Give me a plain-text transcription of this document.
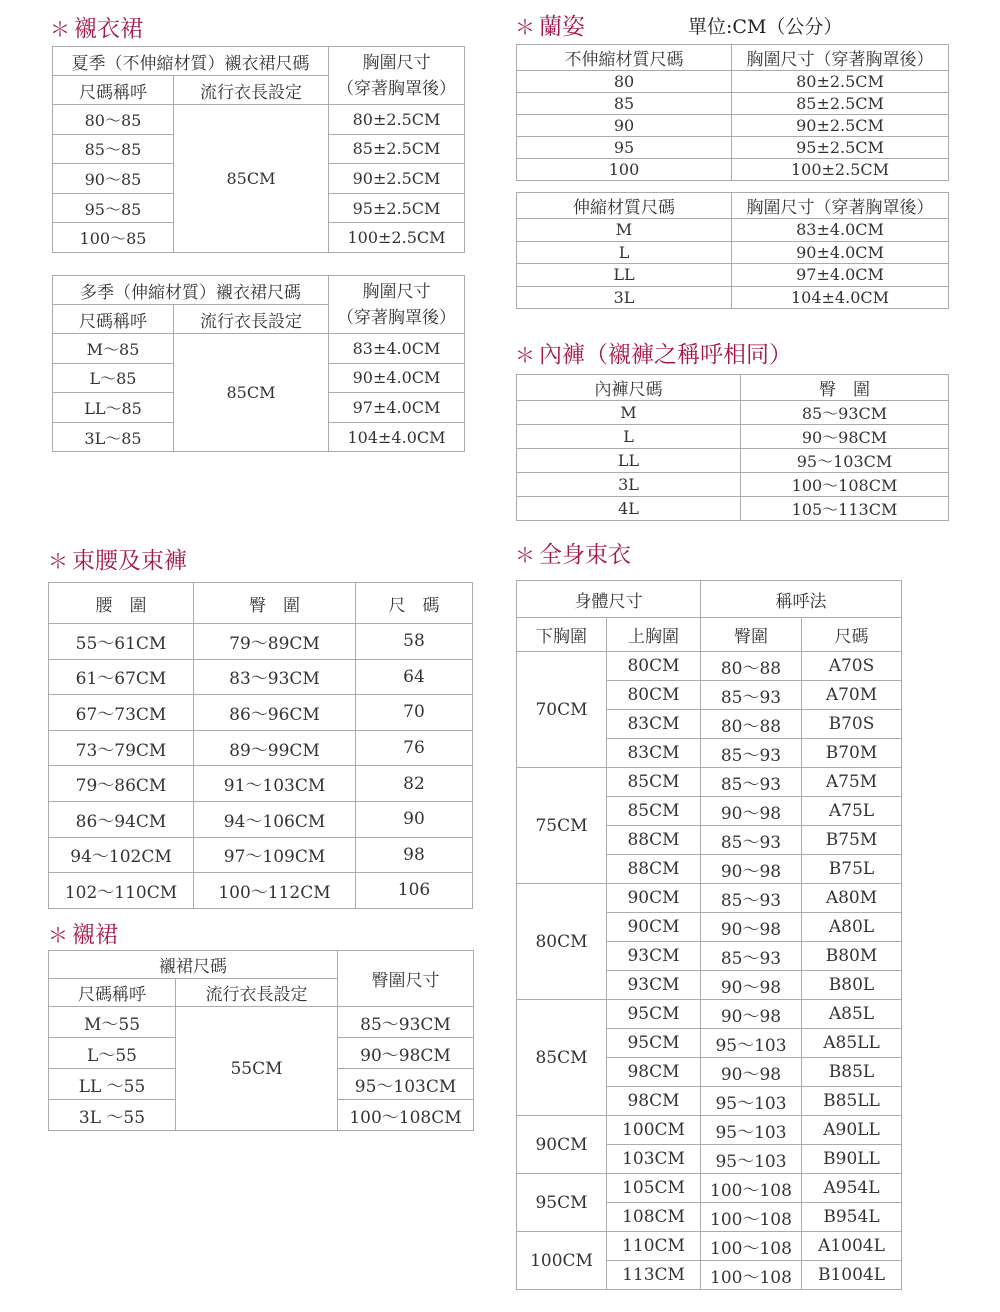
＊ 襯衣裙	＊ 蘭姿	單位:CM（公分）
＊ 內褲（襯褲之稱呼相同）
＊ 束腰及束褲	＊ 全身束衣
＊ 襯裙
夏季（不伸縮材質）襯衣裙尺碼		胸圍尺寸
（穿著胸罩後）
尺碼稱呼	流行衣長設定	
80～85	85CM	80±2.5CM
85～85		85±2.5CM
90～85		90±2.5CM
95～85		95±2.5CM
100～85		100±2.5CM
多季（伸縮材質）襯衣裙尺碼		胸圍尺寸
（穿著胸罩後）
尺碼稱呼	流行衣長設定	
M～85	85CM	83±4.0CM
L～85		90±4.0CM
LL～85		97±4.0CM
3L～85		104±4.0CM
不伸縮材質尺碼	胸圍尺寸（穿著胸罩後）
80	80±2.5CM
85	85±2.5CM
90	90±2.5CM
95	95±2.5CM
100	100±2.5CM
伸縮材質尺碼	胸圍尺寸（穿著胸罩後）
M	83±4.0CM
L	90±4.0CM
LL	97±4.0CM
3L	104±4.0CM
內褲尺碼	臀　圍
M	85～93CM
L	90～98CM
LL	95～103CM
3L	100～108CM
4L	105～113CM
腰　圍	臀　圍	尺　碼
55～61CM	79～89CM	58
61～67CM	83～93CM	64
67～73CM	86～96CM	70
73～79CM	89～99CM	76
79～86CM	91～103CM	82
86～94CM	94～106CM	90
94～102CM	97～109CM	98
102～110CM	100～112CM	106
襯裙尺碼		臀圍尺寸
尺碼稱呼	流行衣長設定	
M～55	55CM	85～93CM
L～55		90～98CM
LL ～55		95～103CM
3L ～55		100～108CM
身體尺寸		稱呼法	
下胸圍	上胸圍	臀圍	尺碼
70CM	80CM	80～88	A70S
	80CM	85～93	A70M
	83CM	80～88	B70S
	83CM	85～93	B70M
75CM	85CM	85～93	A75M
	85CM	90～98	A75L
	88CM	85～93	B75M
	88CM	90～98	B75L
80CM	90CM	85～93	A80M
	90CM	90～98	A80L
	93CM	85～93	B80M
	93CM	90～98	B80L
85CM	95CM	90～98	A85L
	95CM	95～103	A85LL
	98CM	90～98	B85L
	98CM	95～103	B85LL
90CM	100CM	95～103	A90LL
	103CM	95～103	B90LL
95CM	105CM	100～108	A954L
	108CM	100～108	B954L
100CM	110CM	100～108	A1004L
	113CM	100～108	B1004L
